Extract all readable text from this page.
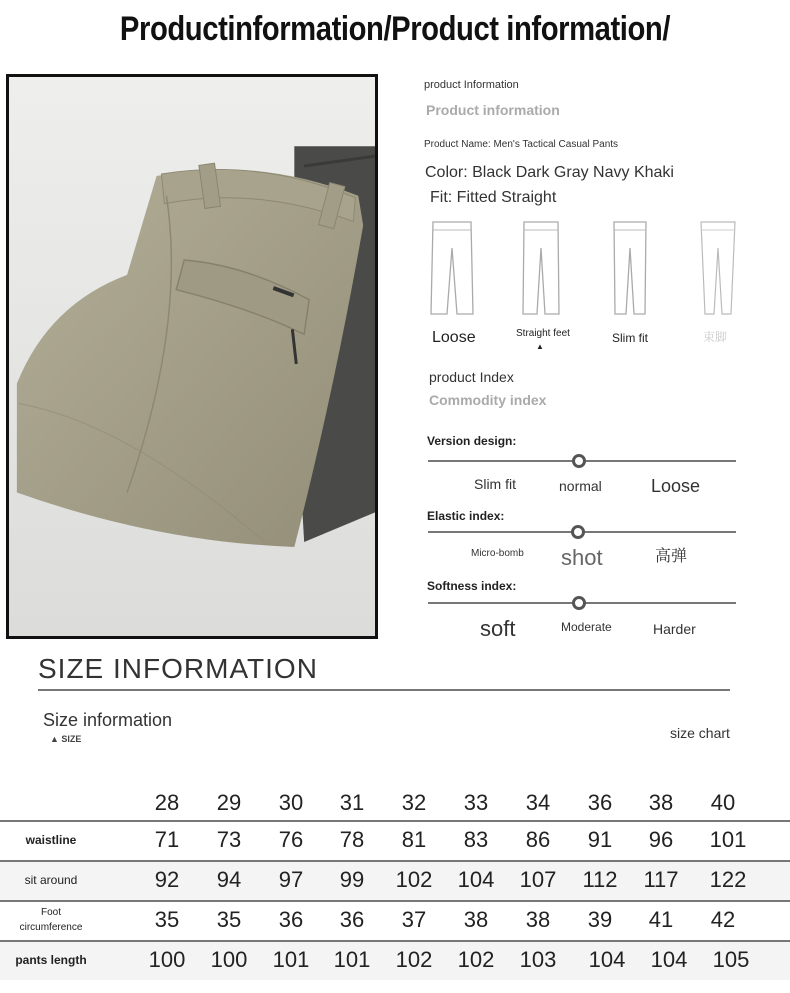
Productinformation/Product information/
product Information
Product information
Product Name: Men's Tactical Casual Pants
Color: Black Dark Gray Navy Khaki
Fit: Fitted Straight
Loose	Straight feet
▲
Slim fit	束脚
product Index
Commodity index
Version design:
Slim fit	normal	Loose
Elastic index:
Micro-bomb shot	高弹
Softness index:
soft	Moderate	Harder
SIZE INFORMATION
Size information
▲ SIZE	size chart
28	29	30	31	32	33	34	36	38	40
waistline	71	73	76	78	81	83	86	91	96	101
sit around	92	94	97	99	102	104	107	112	117	122
Foot circumference	35	35	36	36	37	38	38	39	41	42
pants length	100	100	101	101	102	102	103	104	104	105
